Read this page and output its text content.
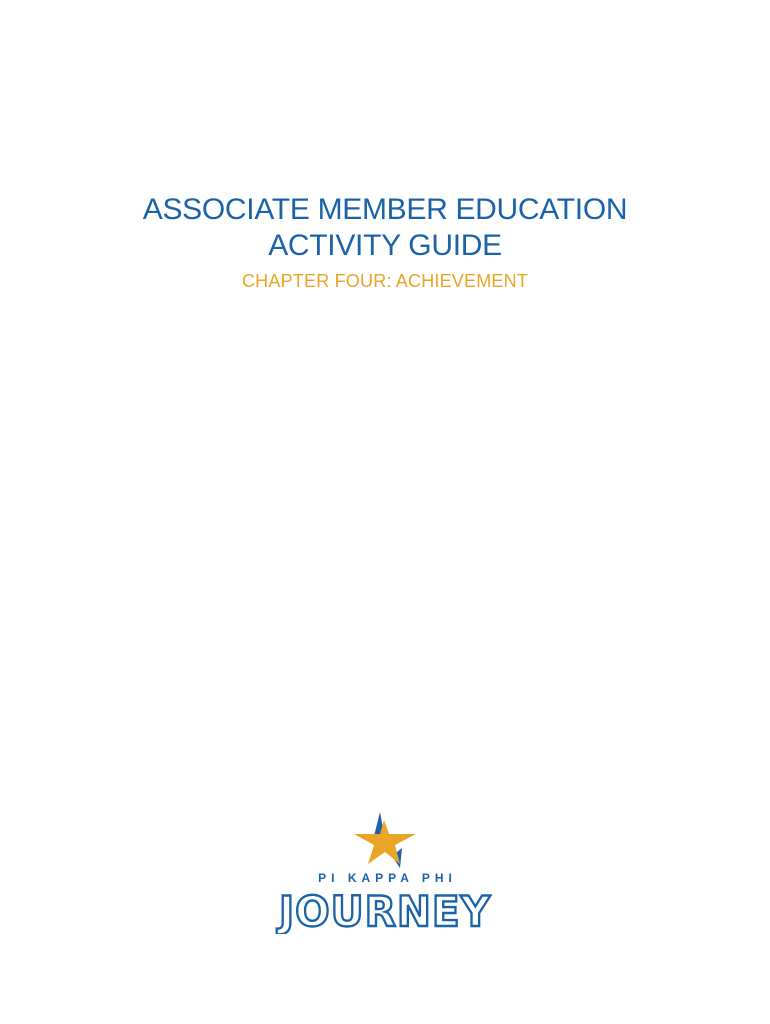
ASSOCIATE MEMBER EDUCATION
ACTIVITY GUIDE
CHAPTER FOUR: ACHIEVEMENT
PI KAPPA PHI
JOURNEY
